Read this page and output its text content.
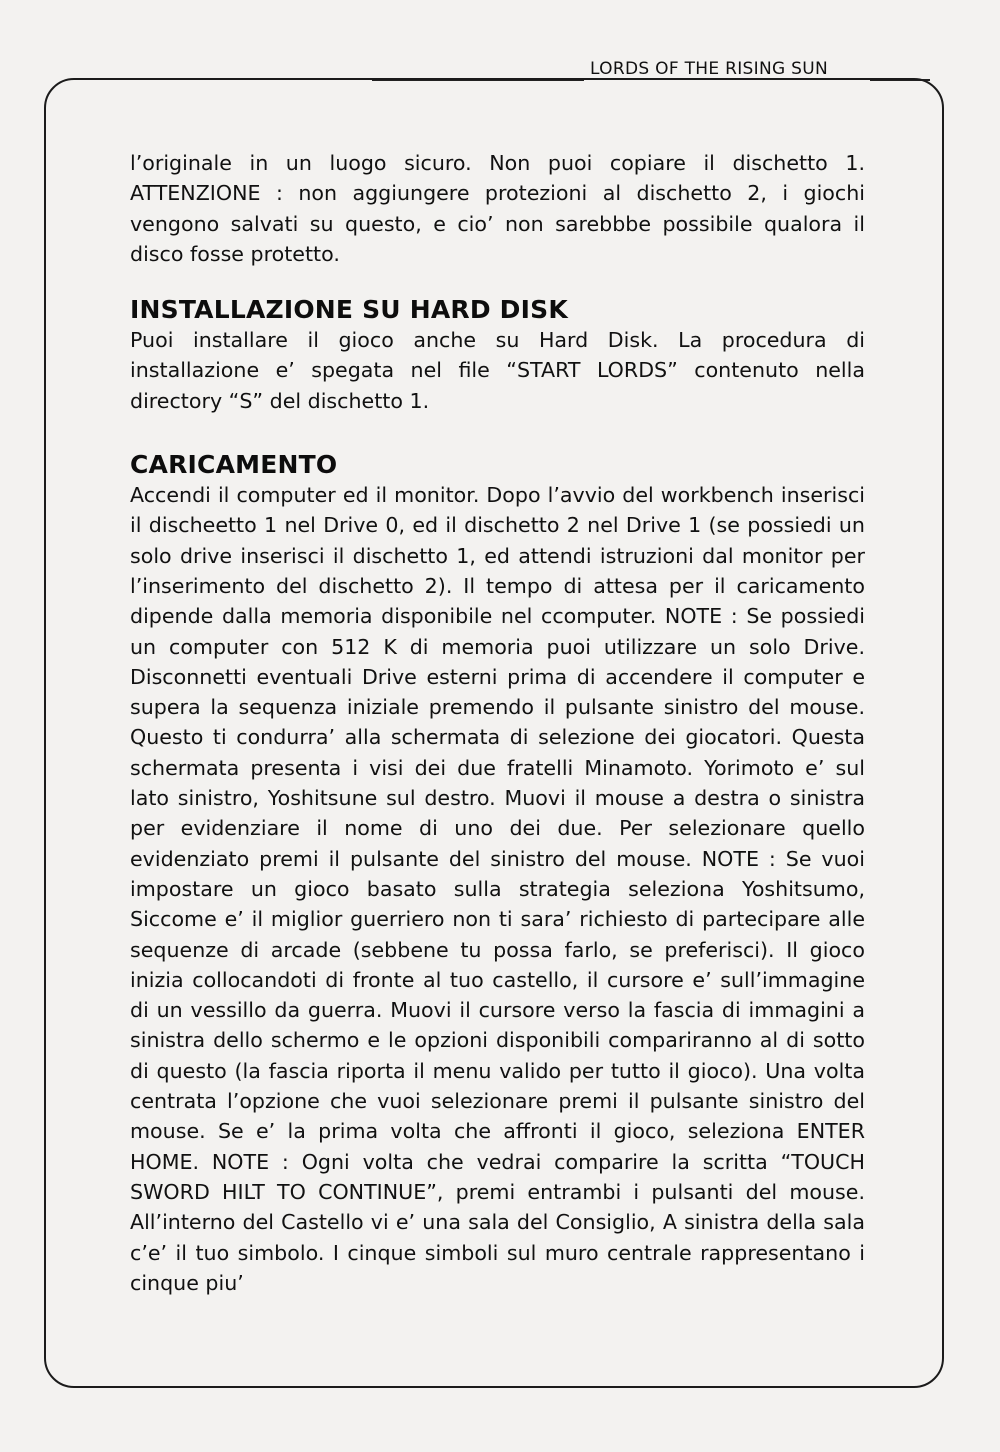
LORDS OF THE RISING SUN

l’originale in un luogo sicuro. Non puoi copiare il dischetto 1. ATTENZIONE : non aggiungere protezioni al dischetto 2, i giochi vengono salvati su questo, e cio’ non sarebbbe possibile qualora il disco fosse protetto.

INSTALLAZIONE SU HARD DISK

Puoi installare il gioco anche su Hard Disk. La procedura di installazione e’ spegata nel file “START LORDS” contenuto nella directory “S” del dischetto 1.

CARICAMENTO

Accendi il computer ed il monitor. Dopo l’avvio del workbench inserisci il discheetto 1 nel Drive 0, ed il dischetto 2 nel Drive 1 (se possiedi un solo drive inserisci il dischetto 1, ed attendi istruzioni dal monitor per l’inserimento del dischetto 2). Il tempo di attesa per il caricamento dipende dalla memoria disponibile nel ccomputer. NOTE : Se possiedi un computer con 512 K di memoria puoi utilizzare un solo Drive. Disconnetti eventuali Drive esterni prima di accendere il computer e supera la sequenza iniziale premendo il pulsante sinistro del mouse. Questo ti condurra’ alla schermata di selezione dei giocatori. Questa schermata presenta i visi dei due fratelli Minamoto. Yorimoto e’ sul lato sinistro, Yoshitsune sul destro. Muovi il mouse a destra o sinistra per evidenziare il nome di uno dei due. Per selezionare quello evidenziato premi il pulsante del sinistro del mouse. NOTE : Se vuoi impostare un gioco basato sulla strategia seleziona Yoshitsumo, Siccome e’ il miglior guerriero non ti sara’ richiesto di partecipare alle sequenze di arcade (sebbene tu possa farlo, se preferisci). Il gioco inizia collocandoti di fronte al tuo castello, il cursore e’ sull’immagine di un vessillo da guerra. Muovi il cursore verso la fascia di immagini a sinistra dello schermo e le opzioni disponibili compariranno al di sotto di questo (la fascia riporta il menu valido per tutto il gioco). Una volta centrata l’opzione che vuoi selezionare premi il pulsante sinistro del mouse. Se e’ la prima volta che affronti il gioco, seleziona ENTER HOME. NOTE : Ogni volta che vedrai comparire la scritta “TOUCH SWORD HILT TO CONTINUE”, premi entrambi i pulsanti del mouse. All’interno del Castello vi e’ una sala del Consiglio, A sinistra della sala c’e’ il tuo simbolo. I cinque simboli sul muro centrale rappresentano i cinque piu’
